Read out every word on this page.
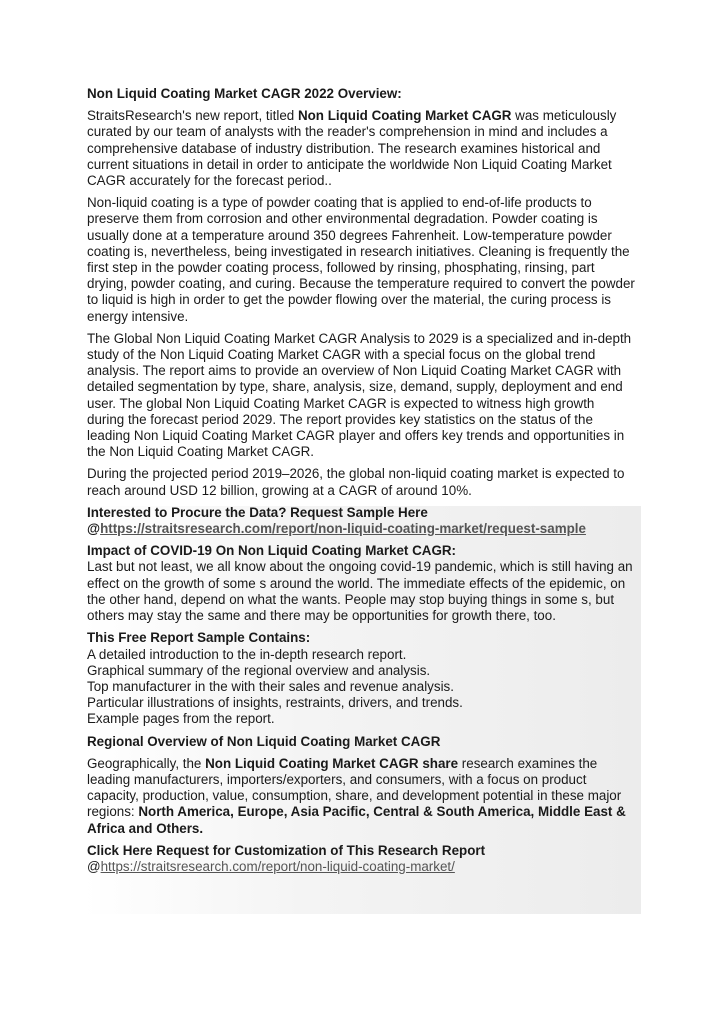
Non Liquid Coating Market CAGR 2022 Overview:

StraitsResearch's new report, titled Non Liquid Coating Market CAGR was meticulously curated by our team of analysts with the reader's comprehension in mind and includes a comprehensive database of industry distribution. The research examines historical and current situations in detail in order to anticipate the worldwide Non Liquid Coating Market CAGR accurately for the forecast period..

Non-liquid coating is a type of powder coating that is applied to end-of-life products to preserve them from corrosion and other environmental degradation. Powder coating is usually done at a temperature around 350 degrees Fahrenheit. Low-temperature powder coating is, nevertheless, being investigated in research initiatives. Cleaning is frequently the first step in the powder coating process, followed by rinsing, phosphating, rinsing, part drying, powder coating, and curing. Because the temperature required to convert the powder to liquid is high in order to get the powder flowing over the material, the curing process is energy intensive.

The Global Non Liquid Coating Market CAGR Analysis to 2029 is a specialized and in-depth study of the Non Liquid Coating Market CAGR with a special focus on the global trend analysis. The report aims to provide an overview of Non Liquid Coating Market CAGR with detailed segmentation by type, share, analysis, size, demand, supply, deployment and end user. The global Non Liquid Coating Market CAGR is expected to witness high growth during the forecast period 2029. The report provides key statistics on the status of the leading Non Liquid Coating Market CAGR player and offers key trends and opportunities in the Non Liquid Coating Market CAGR.

During the projected period 2019–2026, the global non-liquid coating market is expected to reach around USD 12 billion, growing at a CAGR of around 10%.

Interested to Procure the Data? Request Sample Here
@https://straitsresearch.com/report/non-liquid-coating-market/request-sample

Impact of COVID-19 On Non Liquid Coating Market CAGR:
Last but not least, we all know about the ongoing covid-19 pandemic, which is still having an effect on the growth of some s around the world. The immediate effects of the epidemic, on the other hand, depend on what the wants. People may stop buying things in some s, but others may stay the same and there may be opportunities for growth there, too.

This Free Report Sample Contains:
A detailed introduction to the in-depth research report.
Graphical summary of the regional overview and analysis.
Top manufacturer in the with their sales and revenue analysis.
Particular illustrations of insights, restraints, drivers, and trends.
Example pages from the report.

Regional Overview of Non Liquid Coating Market CAGR

Geographically, the Non Liquid Coating Market CAGR share research examines the leading manufacturers, importers/exporters, and consumers, with a focus on product capacity, production, value, consumption, share, and development potential in these major regions: North America, Europe, Asia Pacific, Central & South America, Middle East & Africa and Others.

Click Here Request for Customization of This Research Report
@https://straitsresearch.com/report/non-liquid-coating-market/
